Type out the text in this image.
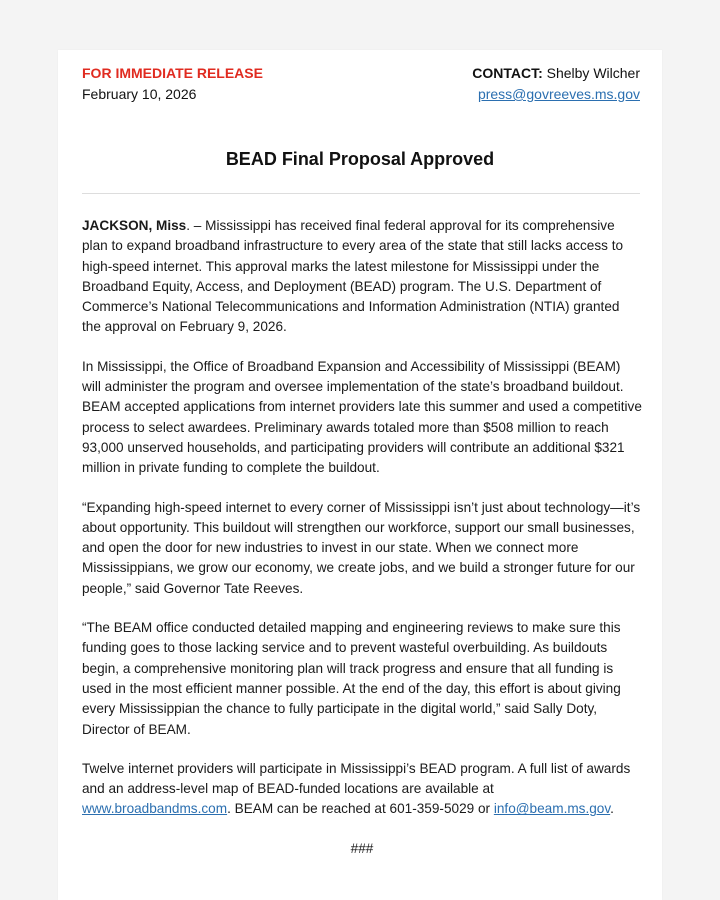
FOR IMMEDIATE RELEASE
February 10, 2026
CONTACT: Shelby Wilcher
press@govreeves.ms.gov
BEAD Final Proposal Approved

JACKSON, Miss. – Mississippi has received final federal approval for its comprehensive plan to expand broadband infrastructure to every area of the state that still lacks access to high-speed internet. This approval marks the latest milestone for Mississippi under the Broadband Equity, Access, and Deployment (BEAD) program. The U.S. Department of Commerce’s National Telecommunications and Information Administration (NTIA) granted the approval on February 9, 2026.

In Mississippi, the Office of Broadband Expansion and Accessibility of Mississippi (BEAM) will administer the program and oversee implementation of the state’s broadband buildout. BEAM accepted applications from internet providers late this summer and used a competitive process to select awardees. Preliminary awards totaled more than $508 million to reach 93,000 unserved households, and participating providers will contribute an additional $321 million in private funding to complete the buildout.

“Expanding high-speed internet to every corner of Mississippi isn’t just about technology—it’s about opportunity. This buildout will strengthen our workforce, support our small businesses, and open the door for new industries to invest in our state. When we connect more Mississippians, we grow our economy, we create jobs, and we build a stronger future for our people,” said Governor Tate Reeves.

“The BEAM office conducted detailed mapping and engineering reviews to make sure this funding goes to those lacking service and to prevent wasteful overbuilding. As buildouts begin, a comprehensive monitoring plan will track progress and ensure that all funding is used in the most efficient manner possible. At the end of the day, this effort is about giving every Mississippian the chance to fully participate in the digital world,” said Sally Doty, Director of BEAM.

Twelve internet providers will participate in Mississippi’s BEAD program. A full list of awards and an address-level map of BEAD-funded locations are available at www.broadbandms.com. BEAM can be reached at 601-359-5029 or info@beam.ms.gov.

###
